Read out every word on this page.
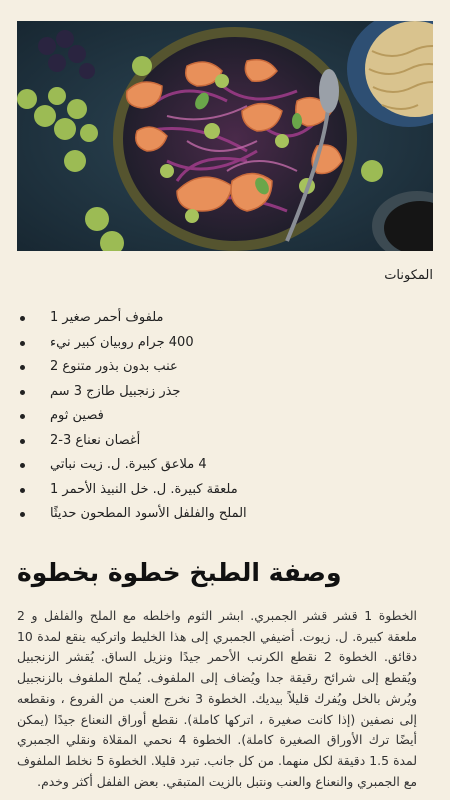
المكونات
ملفوف أحمر صغير 1
400 جرام روبيان كبير نيء
عنب بدون بذور متنوع 2
جذر زنجبيل طازج 3 سم
فصين ثوم
أغصان نعناع 3-2
4 ملاعق كبيرة. ل. زيت نباتي
ملعقة كبيرة. ل. خل النبيذ الأحمر 1
الملح والفلفل الأسود المطحون حديثًا
وصفة الطبخ خطوة بخطوة

الخطوة 1 قشر قشر الجمبري. ابشر الثوم واخلطه مع الملح والفلفل و 2 ملعقة كبيرة. ل. زيوت. أضيفي الجمبري إلى هذا الخليط واتركيه ينقع لمدة 10 دقائق. الخطوة 2 نقطع الكرنب الأحمر جيدًا ونزيل الساق. يُقشر الزنجبيل ويُقطع إلى شرائح رقيقة جدا ويُضاف إلى الملفوف. يُملح الملفوف بالزنجبيل ويُرش بالخل ويُفرك قليلاً بيديك. الخطوة 3 نخرج العنب من الفروع ، ونقطعه إلى نصفين (إذا كانت صغيرة ، اتركها كاملة). نقطع أوراق النعناع جيدًا (يمكن أيضًا ترك الأوراق الصغيرة كاملة). الخطوة 4 نحمي المقلاة ونقلي الجمبري لمدة 1.5 دقيقة لكل منهما. من كل جانب. تبرد قليلا. الخطوة 5 نخلط الملفوف مع الجمبري والنعناع والعنب ونتبل بالزيت المتبقي. بعض الفلفل أكثر وخدم.
